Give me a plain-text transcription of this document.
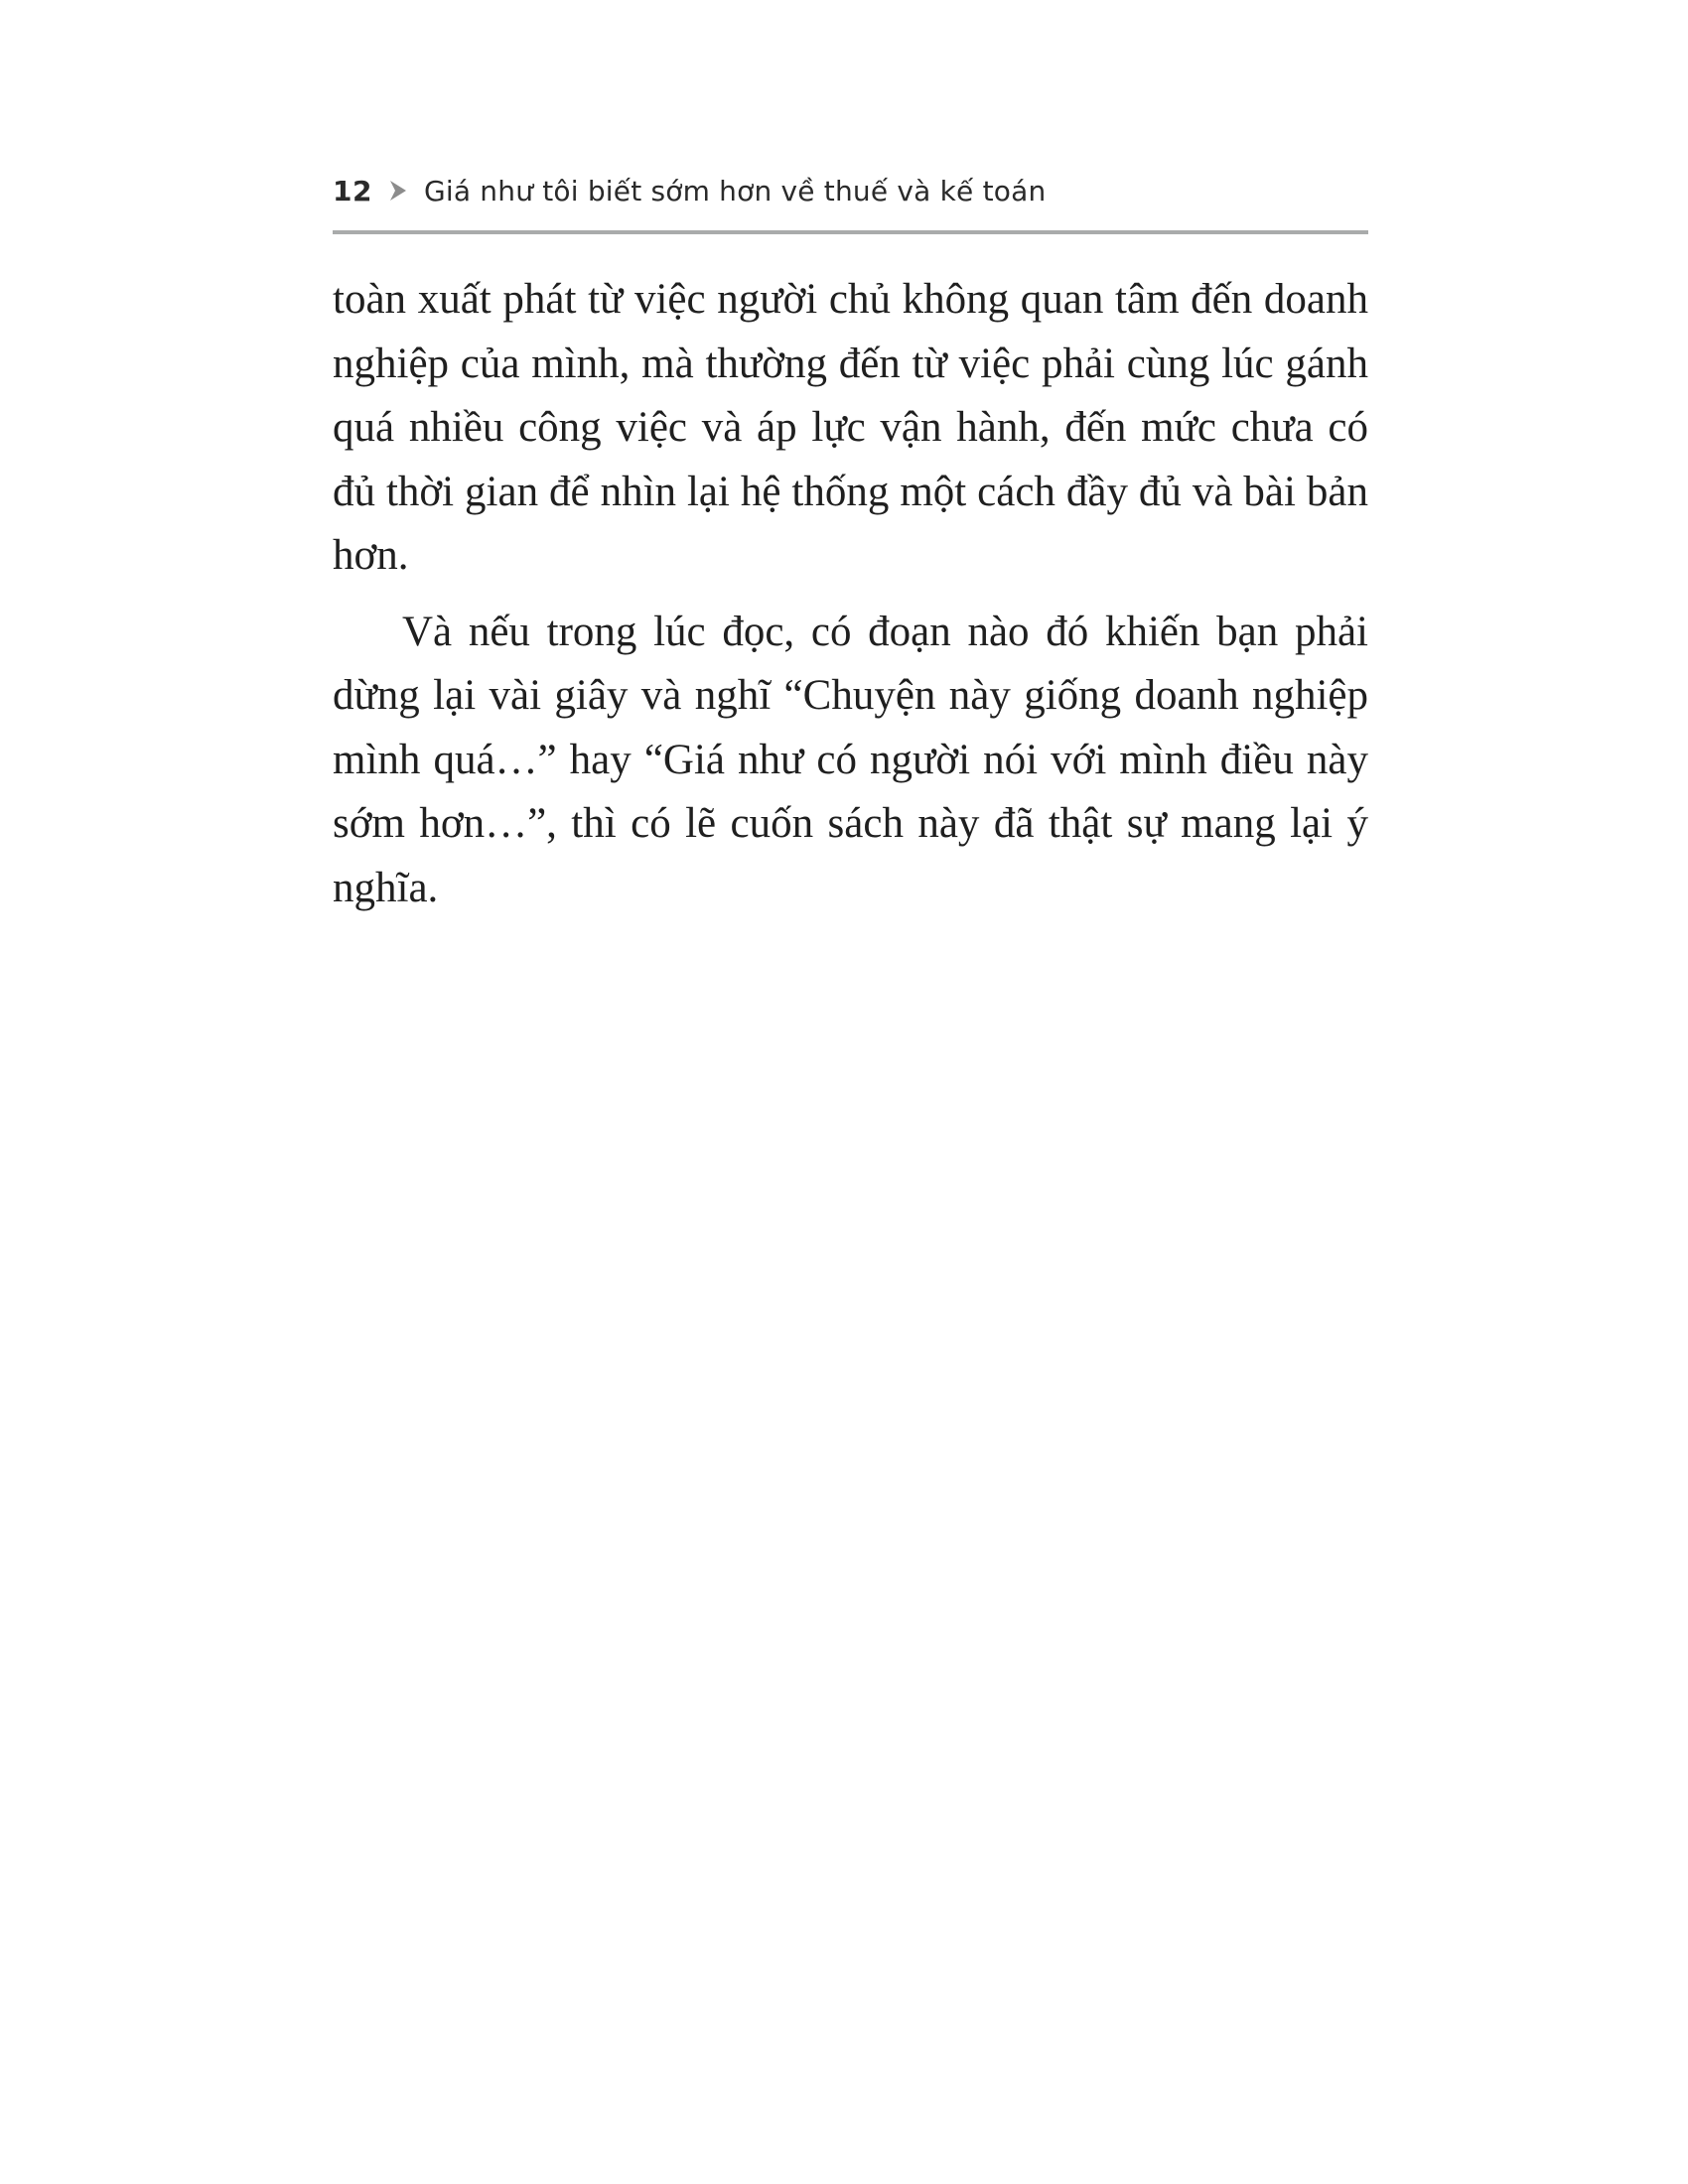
12 Giá như tôi biết sớm hơn về thuế và kế toán

toàn xuất phát từ việc người chủ không quan tâm đến doanh nghiệp của mình, mà thường đến từ việc phải cùng lúc gánh quá nhiều công việc và áp lực vận hành, đến mức chưa có đủ thời gian để nhìn lại hệ thống một cách đầy đủ và bài bản hơn.

Và nếu trong lúc đọc, có đoạn nào đó khiến bạn phải dừng lại vài giây và nghĩ “Chuyện này giống doanh nghiệp mình quá…” hay “Giá như có người nói với mình điều này sớm hơn…”, thì có lẽ cuốn sách này đã thật sự mang lại ý nghĩa.
